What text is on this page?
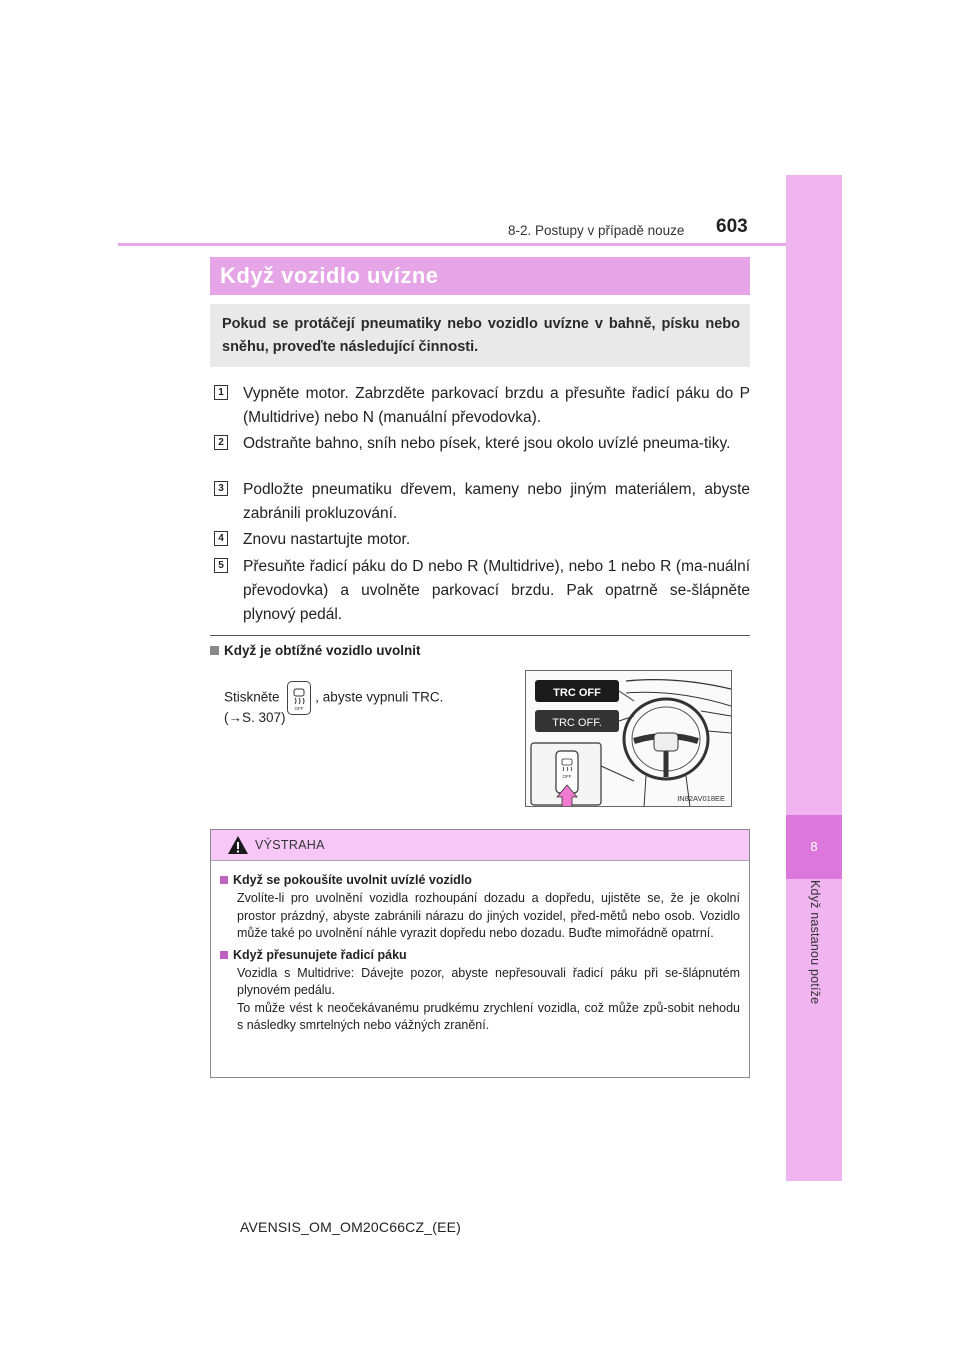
8
Když nastanou potíže
8-2. Postupy v případě nouze 603
Když vozidlo uvízne
Pokud se protáčejí pneumatiky nebo vozidlo uvízne v bahně, písku nebo sněhu, proveďte následující činnosti.
1 Vypněte motor. Zabrzděte parkovací brzdu a přesuňte řadicí páku do P (Multidrive) nebo N (manuální převodovka).
2 Odstraňte bahno, sníh nebo písek, které jsou okolo uvízlé pneuma-tiky.
3 Podložte pneumatiku dřevem, kameny nebo jiným materiálem, abyste zabránili prokluzování.
4 Znovu nastartujte motor.
5 Přesuňte řadicí páku do D nebo R (Multidrive), nebo 1 nebo R (ma-nuální převodovka) a uvolněte parkovací brzdu. Pak opatrně se-šlápněte plynový pedál.
Když je obtížné vozidlo uvolnit
Stiskněte
OFF
, abyste vypnuli TRC.
(→S. 307)
TRC OFF
TRC OFF.
OFF
IN82AV018EE
VÝSTRAHA
Když se pokoušíte uvolnit uvízlé vozidlo
Zvolíte-li pro uvolnění vozidla rozhoupání dozadu a dopředu, ujistěte se, že je okolní prostor prázdný, abyste zabránili nárazu do jiných vozidel, před-mětů nebo osob. Vozidlo může také po uvolnění náhle vyrazit dopředu nebo dozadu. Buďte mimořádně opatrní.
Když přesunujete řadicí páku
Vozidla s Multidrive: Dávejte pozor, abyste nepřesouvali řadicí páku při se-šlápnutém plynovém pedálu.
To může vést k neočekávanému prudkému zrychlení vozidla, což může způ-sobit nehodu s následky smrtelných nebo vážných zranění.
AVENSIS_OM_OM20C66CZ_(EE)
